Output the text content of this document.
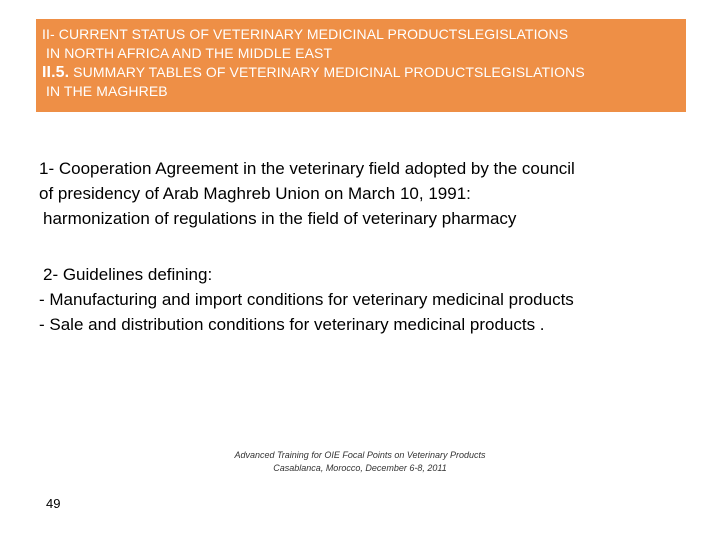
II- CURRENT STATUS OF VETERINARY MEDICINAL PRODUCTSLEGISLATIONS
IN NORTH AFRICA AND THE MIDDLE EAST
II.5. SUMMARY TABLES OF VETERINARY MEDICINAL PRODUCTSLEGISLATIONS
IN THE MAGHREB
1- Cooperation Agreement in the veterinary field adopted by the council
of presidency of Arab Maghreb Union on March 10, 1991:
harmonization of regulations in the field of veterinary pharmacy
2- Guidelines defining:
- Manufacturing and import conditions for veterinary medicinal products
- Sale and distribution conditions for veterinary medicinal products .
Advanced Training for OIE Focal Points on Veterinary Products
Casablanca, Morocco, December 6-8, 2011
49
